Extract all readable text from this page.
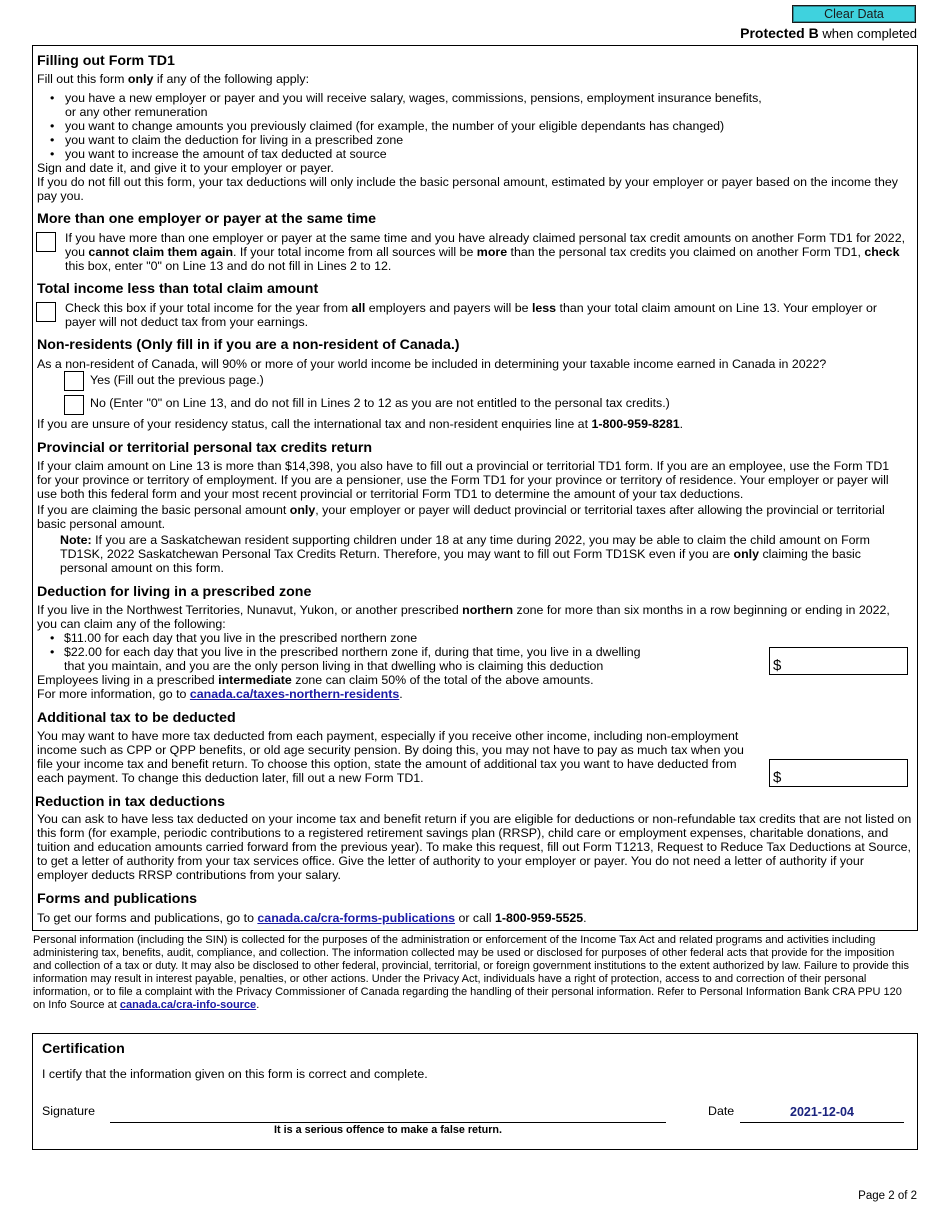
Clear Data
Protected B when completed
Filling out Form TD1

Fill out this form only if any of the following apply:

• you have a new employer or payer and you will receive salary, wages, commissions, pensions, employment insurance benefits,
or any other remuneration
• you want to change amounts you previously claimed (for example, the number of your eligible dependants has changed)
• you want to claim the deduction for living in a prescribed zone
• you want to increase the amount of tax deducted at source

Sign and date it, and give it to your employer or payer.

If you do not fill out this form, your tax deductions will only include the basic personal amount, estimated by your employer or payer based on the income they pay you.

More than one employer or payer at the same time

If you have more than one employer or payer at the same time and you have already claimed personal tax credit amounts on another Form TD1 for 2022, you cannot claim them again. If your total income from all sources will be more than the personal tax credits you claimed on another Form TD1, check this box, enter "0" on Line 13 and do not fill in Lines 2 to 12.

Total income less than total claim amount

Check this box if your total income for the year from all employers and payers will be less than your total claim amount on Line 13. Your employer or payer will not deduct tax from your earnings.

Non-residents (Only fill in if you are a non-resident of Canada.)

As a non-resident of Canada, will 90% or more of your world income be included in determining your taxable income earned in Canada in 2022?

Yes (Fill out the previous page.)

No (Enter "0" on Line 13, and do not fill in Lines 2 to 12 as you are not entitled to the personal tax credits.)

If you are unsure of your residency status, call the international tax and non-resident enquiries line at 1-800-959-8281.

Provincial or territorial personal tax credits return

If your claim amount on Line 13 is more than $14,398, you also have to fill out a provincial or territorial TD1 form. If you are an employee, use the Form TD1 for your province or territory of employment. If you are a pensioner, use the Form TD1 for your province or territory of residence. Your employer or payer will use both this federal form and your most recent provincial or territorial Form TD1 to determine the amount of your tax deductions.

If you are claiming the basic personal amount only, your employer or payer will deduct provincial or territorial taxes after allowing the provincial or territorial basic personal amount.

Note: If you are a Saskatchewan resident supporting children under 18 at any time during 2022, you may be able to claim the child amount on Form TD1SK, 2022 Saskatchewan Personal Tax Credits Return. Therefore, you may want to fill out Form TD1SK even if you are only claiming the basic personal amount on this form.

Deduction for living in a prescribed zone

If you live in the Northwest Territories, Nunavut, Yukon, or another prescribed northern zone for more than six months in a row beginning or ending in 2022, you can claim any of the following:

• $11.00 for each day that you live in the prescribed northern zone
• $22.00 for each day that you live in the prescribed northern zone if, during that time, you live in a dwelling that you maintain, and you are the only person living in that dwelling who is claiming this deduction	$

Employees living in a prescribed intermediate zone can claim 50% of the total of the above amounts.

For more information, go to canada.ca/taxes-northern-residents.

Additional tax to be deducted

You may want to have more tax deducted from each payment, especially if you receive other income, including non-employment income such as CPP or QPP benefits, or old age security pension. By doing this, you may not have to pay as much tax when you file your income tax and benefit return. To choose this option, state the amount of additional tax you want to have deducted from each payment. To change this deduction later, fill out a new Form TD1.	$
Reduction in tax deductions

You can ask to have less tax deducted on your income tax and benefit return if you are eligible for deductions or non-refundable tax credits that are not listed on this form (for example, periodic contributions to a registered retirement savings plan (RRSP), child care or employment expenses, charitable donations, and tuition and education amounts carried forward from the previous year). To make this request, fill out Form T1213, Request to Reduce Tax Deductions at Source, to get a letter of authority from your tax services office. Give the letter of authority to your employer or payer. You do not need a letter of authority if your employer deducts RRSP contributions from your salary.

Forms and publications

To get our forms and publications, go to canada.ca/cra-forms-publications or call 1-800-959-5525.

Personal information (including the SIN) is collected for the purposes of the administration or enforcement of the Income Tax Act and related programs and activities including administering tax, benefits, audit, compliance, and collection. The information collected may be used or disclosed for purposes of other federal acts that provide for the imposition and collection of a tax or duty. It may also be disclosed to other federal, provincial, territorial, or foreign government institutions to the extent authorized by law. Failure to provide this information may result in interest payable, penalties, or other actions. Under the Privacy Act, individuals have a right of protection, access to and correction of their personal information, or to file a complaint with the Privacy Commissioner of Canada regarding the handling of their personal information. Refer to Personal Information Bank CRA PPU 120 on Info Source at canada.ca/cra-info-source.

Certification

I certify that the information given on this form is correct and complete.

Signature

It is a serious offence to make a false return.

Date	2021-12-04

Page 2 of 2
